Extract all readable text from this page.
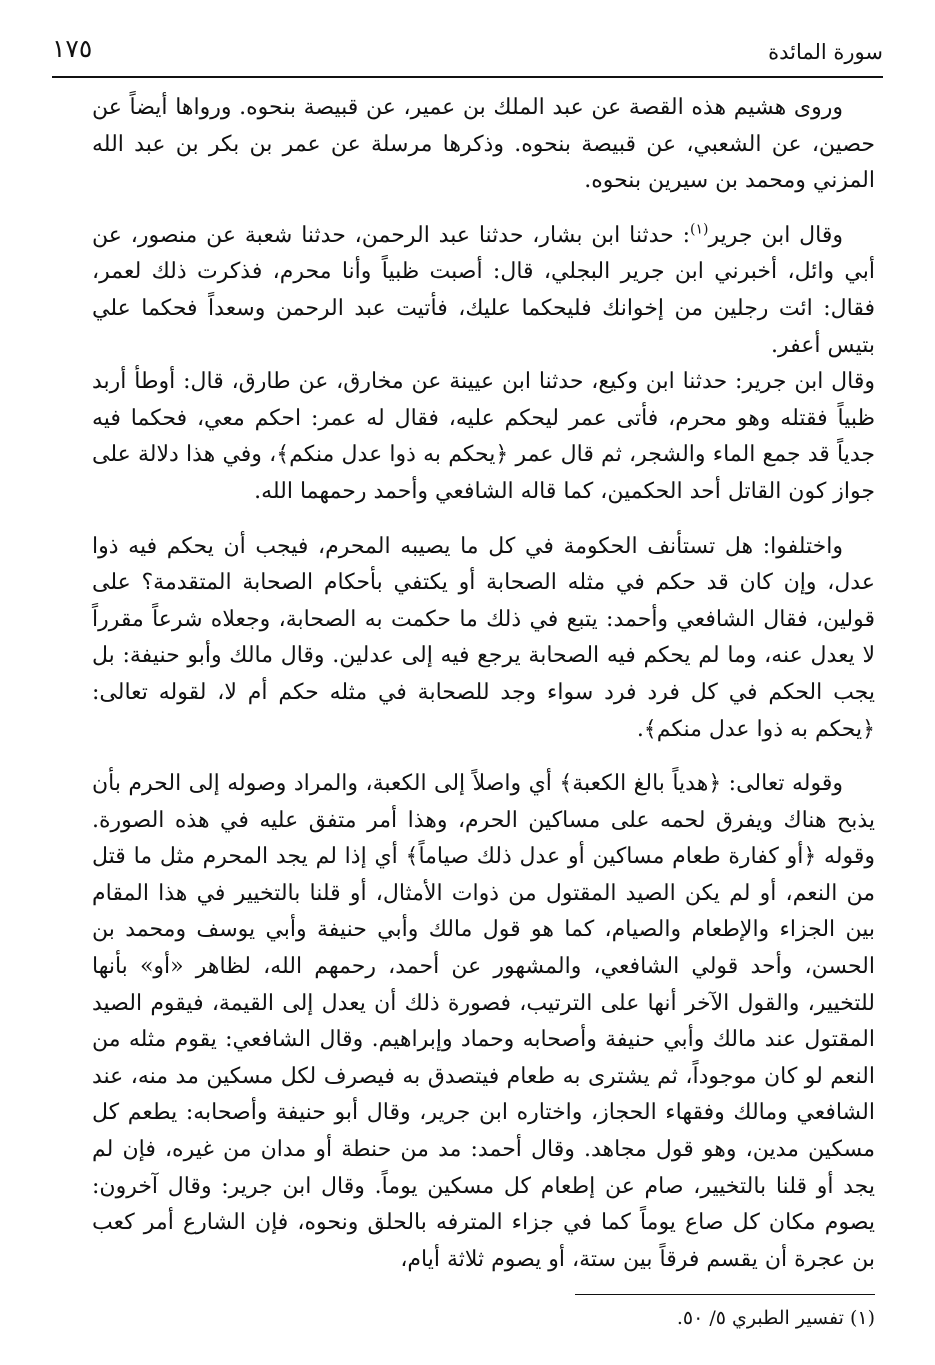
سورة المائدة
١٧٥

وروى هشيم هذه القصة عن عبد الملك بن عمير، عن قبيصة بنحوه. ورواها أيضاً عن حصين، عن الشعبي، عن قبيصة بنحوه. وذكرها مرسلة عن عمر بن بكر بن عبد الله المزني ومحمد بن سيرين بنحوه.

وقال ابن جرير$^{(١)}$: حدثنا ابن بشار، حدثنا عبد الرحمن، حدثنا شعبة عن منصور، عن أبي وائل، أخبرني ابن جرير البجلي، قال: أصبت ظبياً وأنا محرم، فذكرت ذلك لعمر، فقال: ائت رجلين من إخوانك فليحكما عليك، فأتيت عبد الرحمن وسعداً فحكما علي بتيس أعفر.

وقال ابن جرير: حدثنا ابن وكيع، حدثنا ابن عيينة عن مخارق، عن طارق، قال: أوطأ أربد ظبياً فقتله وهو محرم، فأتى عمر ليحكم عليه، فقال له عمر: احكم معي، فحكما فيه جدياً قد جمع الماء والشجر، ثم قال عمر ﴿يحكم به ذوا عدل منكم﴾، وفي هذا دلالة على جواز كون القاتل أحد الحكمين، كما قاله الشافعي وأحمد رحمهما الله.

واختلفوا: هل تستأنف الحكومة في كل ما يصيبه المحرم، فيجب أن يحكم فيه ذوا عدل، وإن كان قد حكم في مثله الصحابة أو يكتفي بأحكام الصحابة المتقدمة؟ على قولين، فقال الشافعي وأحمد: يتبع في ذلك ما حكمت به الصحابة، وجعلاه شرعاً مقرراً لا يعدل عنه، وما لم يحكم فيه الصحابة يرجع فيه إلى عدلين. وقال مالك وأبو حنيفة: بل يجب الحكم في كل فرد فرد سواء وجد للصحابة في مثله حكم أم لا، لقوله تعالى: ﴿يحكم به ذوا عدل منكم﴾.

وقوله تعالى: ﴿هدياً بالغ الكعبة﴾ أي واصلاً إلى الكعبة، والمراد وصوله إلى الحرم بأن يذبح هناك ويفرق لحمه على مساكين الحرم، وهذا أمر متفق عليه في هذه الصورة. وقوله ﴿أو كفارة طعام مساكين أو عدل ذلك صياماً﴾ أي إذا لم يجد المحرم مثل ما قتل من النعم، أو لم يكن الصيد المقتول من ذوات الأمثال، أو قلنا بالتخيير في هذا المقام بين الجزاء والإطعام والصيام، كما هو قول مالك وأبي حنيفة وأبي يوسف ومحمد بن الحسن، وأحد قولي الشافعي، والمشهور عن أحمد، رحمهم الله، لظاهر «أو» بأنها للتخيير، والقول الآخر أنها على الترتيب، فصورة ذلك أن يعدل إلى القيمة، فيقوم الصيد المقتول عند مالك وأبي حنيفة وأصحابه وحماد وإبراهيم. وقال الشافعي: يقوم مثله من النعم لو كان موجوداً، ثم يشترى به طعام فيتصدق به فيصرف لكل مسكين مد منه، عند الشافعي ومالك وفقهاء الحجاز، واختاره ابن جرير، وقال أبو حنيفة وأصحابه: يطعم كل مسكين مدين، وهو قول مجاهد. وقال أحمد: مد من حنطة أو مدان من غيره، فإن لم يجد أو قلنا بالتخيير، صام عن إطعام كل مسكين يوماً. وقال ابن جرير: وقال آخرون: يصوم مكان كل صاع يوماً كما في جزاء المترفه بالحلق ونحوه، فإن الشارع أمر كعب بن عجرة أن يقسم فرقاً بين ستة، أو يصوم ثلاثة أيام،

(١) تفسير الطبري ٥/ ٥٠.
